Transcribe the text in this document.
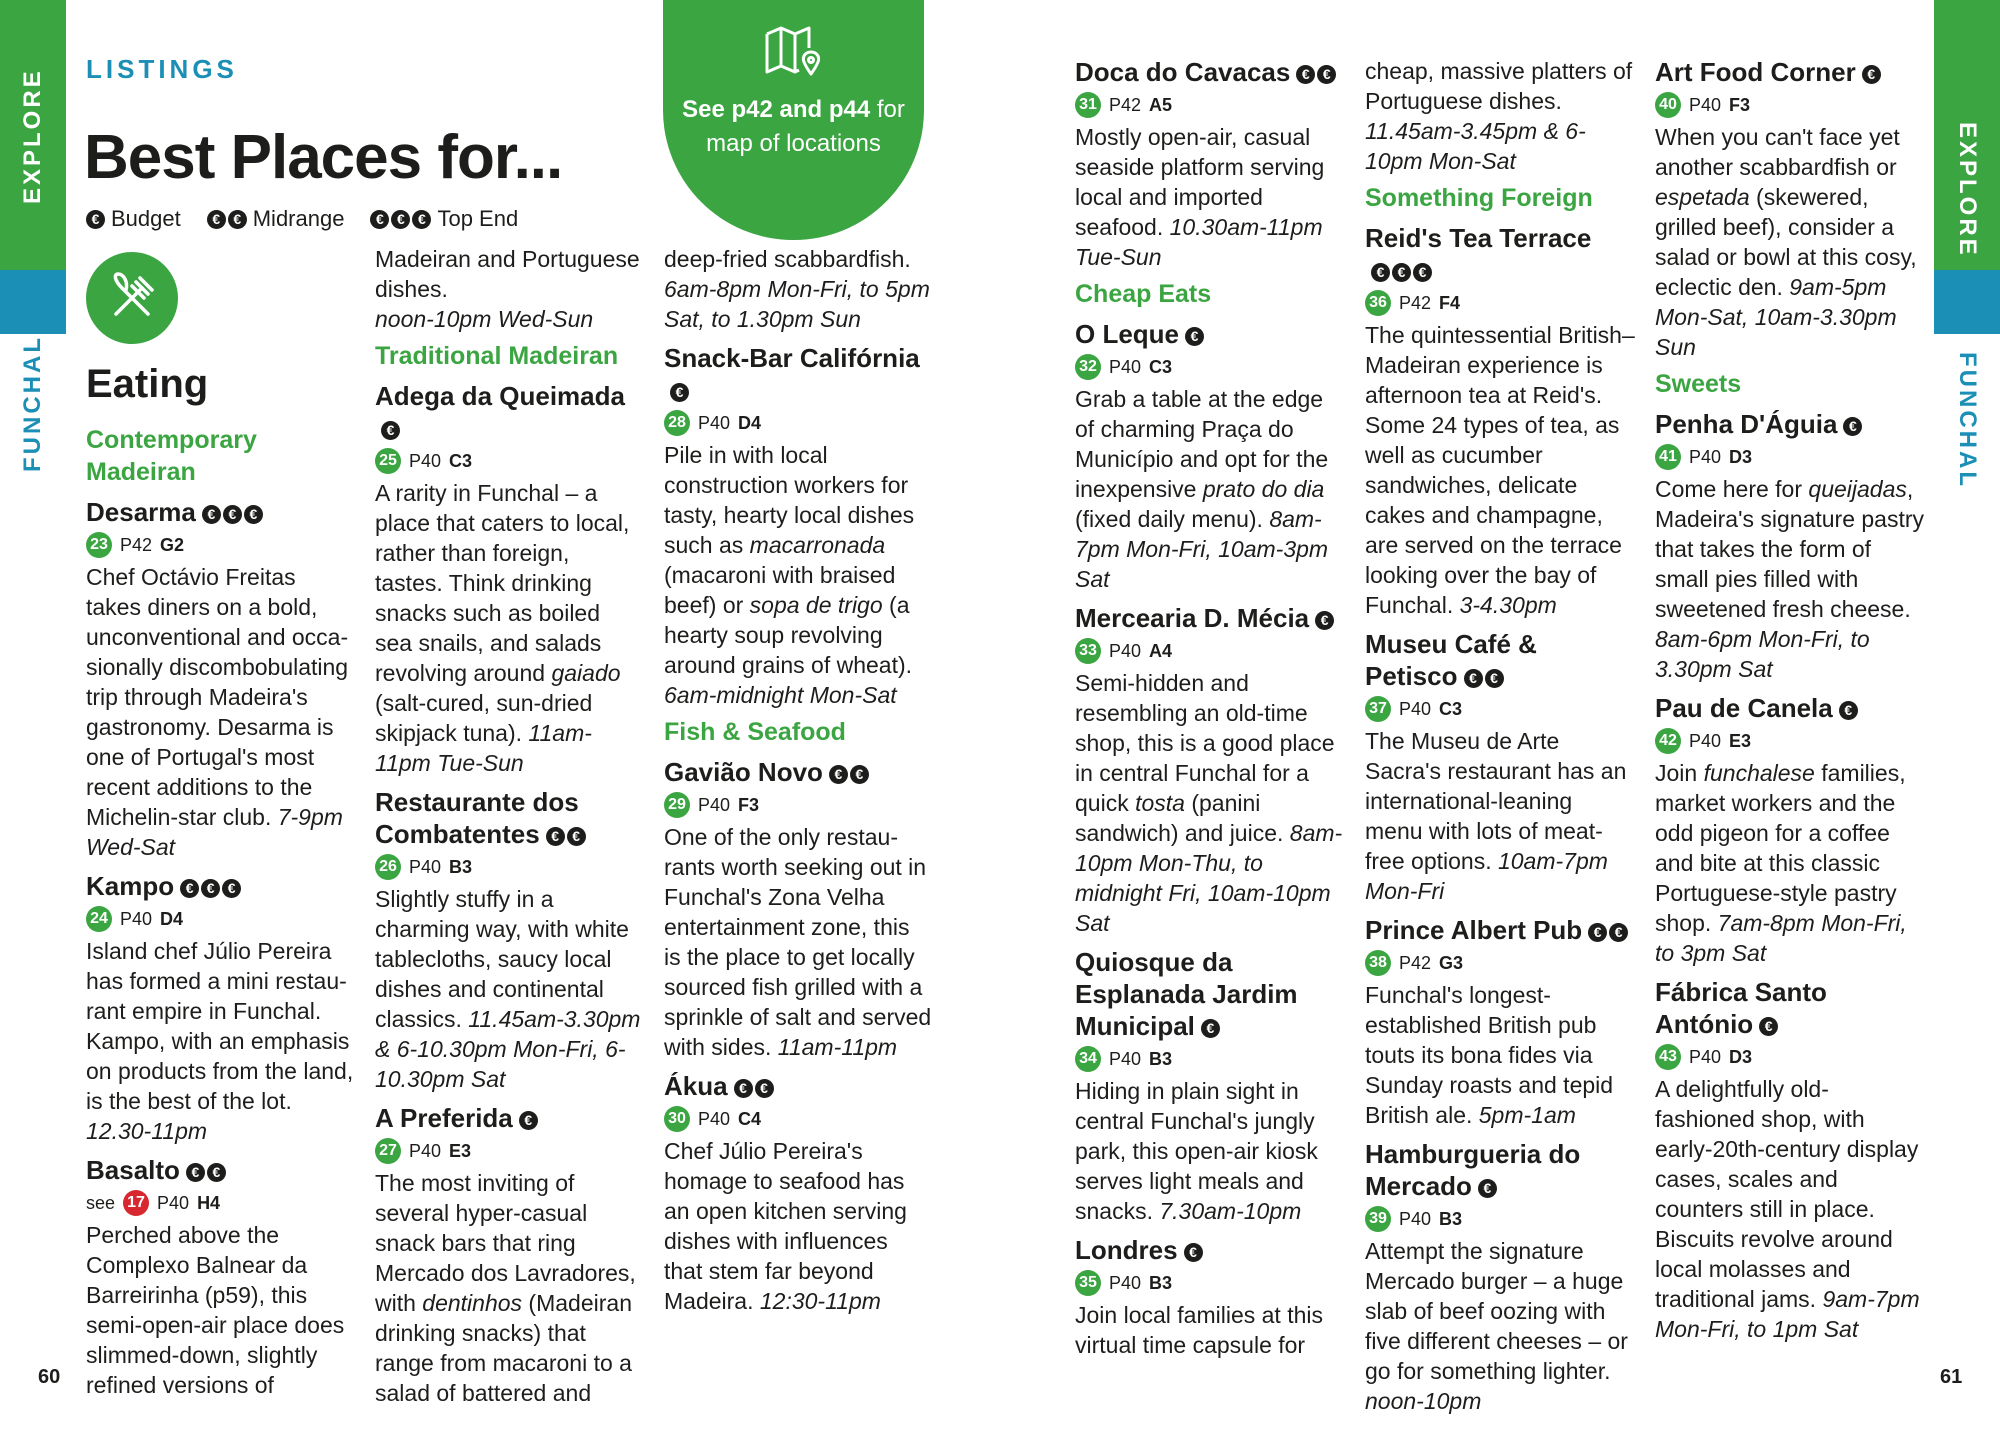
EXPLORE
FUNCHAL
EXPLORE
FUNCHAL
LISTINGS
Best Places for...
€ Budget	€ € Midrange	€ € € Top End
Eating
See p42 and p44 for map of locations
Contemporary Madeiran
Desarma € € €
23 P42 G2

Chef Octávio Freitas takes diners on a bold, unconventional and occasionally discombobulating trip through Madeira's gastronomy. Desarma is one of Portugal's most recent additions to the Michelin-star club. 7-9pm Wed-Sat

Kampo € € €
24 P40 D4

Island chef Júlio Pereira has formed a mini restaurant empire in Funchal. Kampo, with an emphasis on products from the land, is the best of the lot. 12.30-11pm

Basalto € €
see 17 P40 H4

Perched above the Complexo Balnear da Barreirinha (p59), this semi-open-air place does slimmed-down, slightly refined versions of

Madeiran and Portuguese dishes.

noon-10pm Wed-Sun

Traditional Madeiran
Adega da Queimada
€
25 P40 C3

A rarity in Funchal – a place that caters to local, rather than foreign, tastes. Think drinking snacks such as boiled sea snails, and salads revolving around gaiado (salt-cured, sun-dried skipjack tuna). 11am-11pm Tue-Sun

Restaurante dos Combatentes € €
26 P40 B3

Slightly stuffy in a charming way, with white tablecloths, saucy local dishes and continental classics. 11.45am-3.30pm & 6-10.30pm Mon-Fri, 6-10.30pm Sat

A Preferida €
27 P40 E3

The most inviting of several hyper-casual snack bars that ring Mercado dos Lavradores, with dentinhos (Madeiran drinking snacks) that range from macaroni to a salad of battered and

deep-fried scabbardfish.

6am-8pm Mon-Fri, to 5pm Sat, to 1.30pm Sun

Snack-Bar Califórnia
€
28 P40 D4

Pile in with local construction workers for tasty, hearty local dishes such as macarronada (macaroni with braised beef) or sopa de trigo (a hearty soup revolving around grains of wheat). 6am-midnight Mon-Sat

Fish & Seafood
Gavião Novo € €
29 P40 F3

One of the only restaurants worth seeking out in Funchal's Zona Velha entertainment zone, this is the place to get locally sourced fish grilled with a sprinkle of salt and served with sides. 11am-11pm

Ákua € €
30 P40 C4

Chef Júlio Pereira's homage to seafood has an open kitchen serving dishes with influences that stem far beyond Madeira. 12:30-11pm

Doca do Cavacas € €
31 P42 A5

Mostly open-air, casual seaside platform serving local and imported seafood. 10.30am-11pm Tue-Sun

Cheap Eats
O Leque €
32 P40 C3

Grab a table at the edge of charming Praça do Município and opt for the inexpensive prato do dia (fixed daily menu). 8am-7pm Mon-Fri, 10am-3pm Sat

Mercearia D. Mécia €
33 P40 A4

Semi-hidden and resembling an old-time shop, this is a good place in central Funchal for a quick tosta (panini sandwich) and juice. 8am-10pm Mon-Thu, to midnight Fri, 10am-10pm Sat

Quiosque da Esplanada Jardim Municipal €
34 P40 B3

Hiding in plain sight in central Funchal's jungly park, this open-air kiosk serves light meals and snacks. 7.30am-10pm

Londres €
35 P40 B3

Join local families at this virtual time capsule for

cheap, massive platters of Portuguese dishes.

11.45am-3.45pm & 6-10pm Mon-Sat

Something Foreign
Reid's Tea Terrace
€ € €
36 P42 F4

The quintessential British–Madeiran experience is afternoon tea at Reid's. Some 24 types of tea, as well as cucumber sandwiches, delicate cakes and champagne, are served on the terrace looking over the bay of Funchal. 3-4.30pm

Museu Café & Petisco € €
37 P40 C3

The Museu de Arte Sacra's restaurant has an international-leaning menu with lots of meat-free options. 10am-7pm Mon-Fri

Prince Albert Pub € €
38 P42 G3

Funchal's longest-established British pub touts its bona fides via Sunday roasts and tepid British ale. 5pm-1am

Hamburgueria do Mercado €
39 P40 B3

Attempt the signature Mercado burger – a huge slab of beef oozing with five different cheeses – or go for something lighter. noon-10pm

Art Food Corner €
40 P40 F3

When you can't face yet another scabbardfish or espetada (skewered, grilled beef), consider a salad or bowl at this cosy, eclectic den. 9am-5pm Mon-Sat, 10am-3.30pm Sun

Sweets
Penha D'Águia €
41 P40 D3

Come here for queijadas, Madeira's signature pastry that takes the form of small pies filled with sweetened fresh cheese. 8am-6pm Mon-Fri, to 3.30pm Sat

Pau de Canela €
42 P40 E3

Join funchalese families, market workers and the odd pigeon for a coffee and bite at this classic Portuguese-style pastry shop. 7am-8pm Mon-Fri, to 3pm Sat

Fábrica Santo António €
43 P40 D3

A delightfully old-fashioned shop, with early-20th-century display cases, scales and counters still in place. Biscuits revolve around local molasses and traditional jams. 9am-7pm Mon-Fri, to 1pm Sat

60	61
